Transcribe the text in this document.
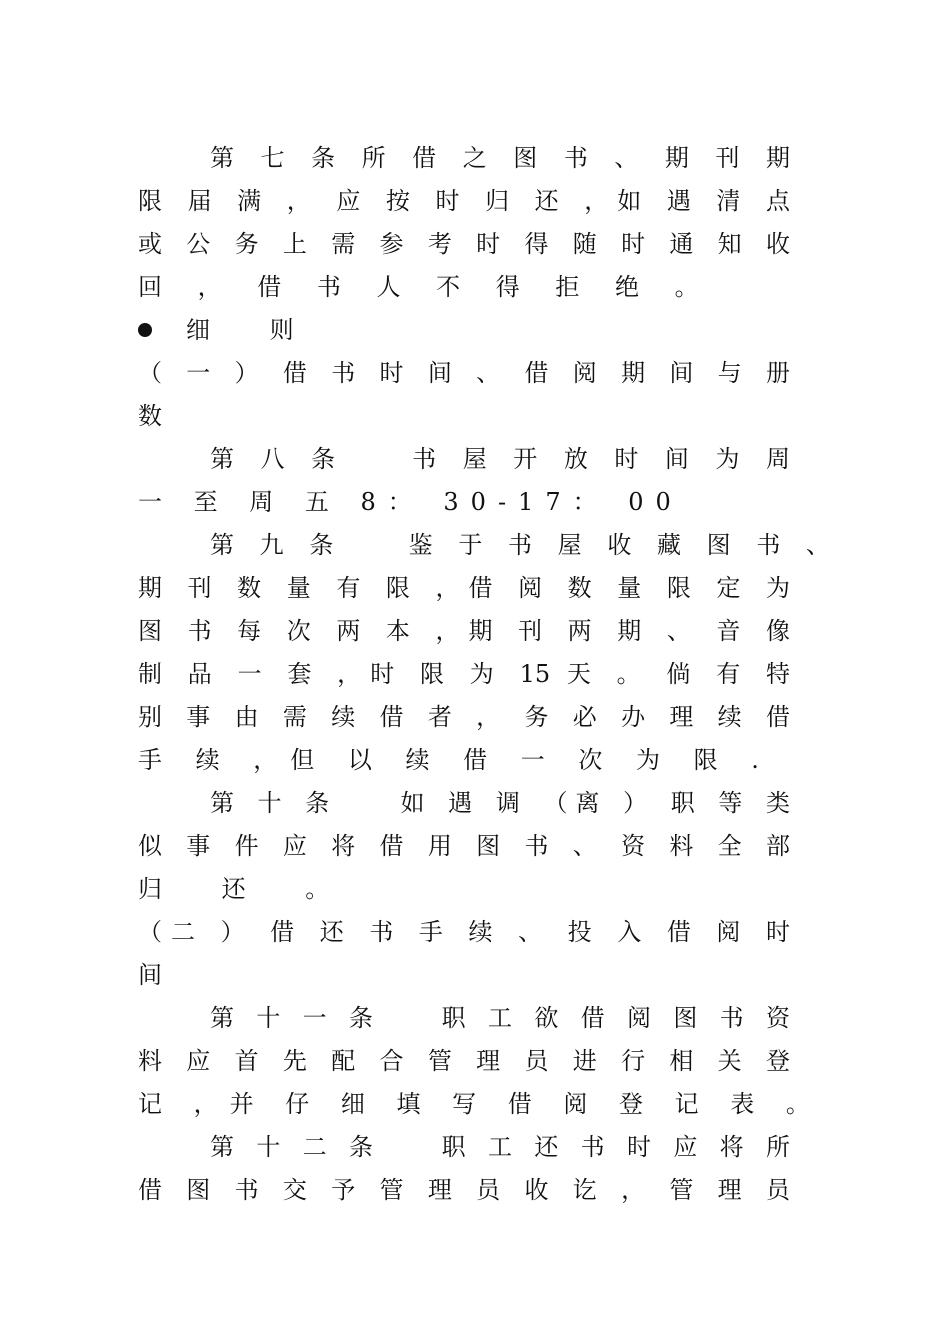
第 七 条 所 借 之 图 书 、 期 刊 期
限 届 满 ， 应 按 时 归 还 ，如 遇 清 点
或 公 务 上 需 参 考 时 得 随 时 通 知 收
回 ， 借 书 人 不 得 拒 绝 。
细 则
（ 一 ） 借 书 时 间 、 借 阅 期 间 与 册
数
第 八 条 　 书 屋 开 放 时 间 为 周
一 至 周 五 8： 30-17： 00
第 九 条 　 鉴 于 书 屋 收 藏 图 书 、
期 刊 数 量 有 限 ，借 阅 数 量 限 定 为
图 书 每 次 两 本 ，期 刊 两 期 、 音 像
制 品 一 套 ，时 限 为 15 天 。 倘 有 特
别 事 由 需 续 借 者 ， 务 必 办 理 续 借
手 续 ，但 以 续 借 一 次 为 限 .
第 十 条 　 如 遇 调 （离 ） 职 等 类
似 事 件 应 将 借 用 图 书 、 资 料 全 部
归 还 。
（二 ） 借 还 书 手 续 、 投 入 借 阅 时
间
第 十 一 条 　 职 工 欲 借 阅 图 书 资
料 应 首 先 配 合 管 理 员 进 行 相 关 登
记 ，并 仔 细 填 写 借 阅 登 记 表 。
第 十 二 条 　 职 工 还 书 时 应 将 所
借 图 书 交 予 管 理 员 收 讫 ， 管 理 员
